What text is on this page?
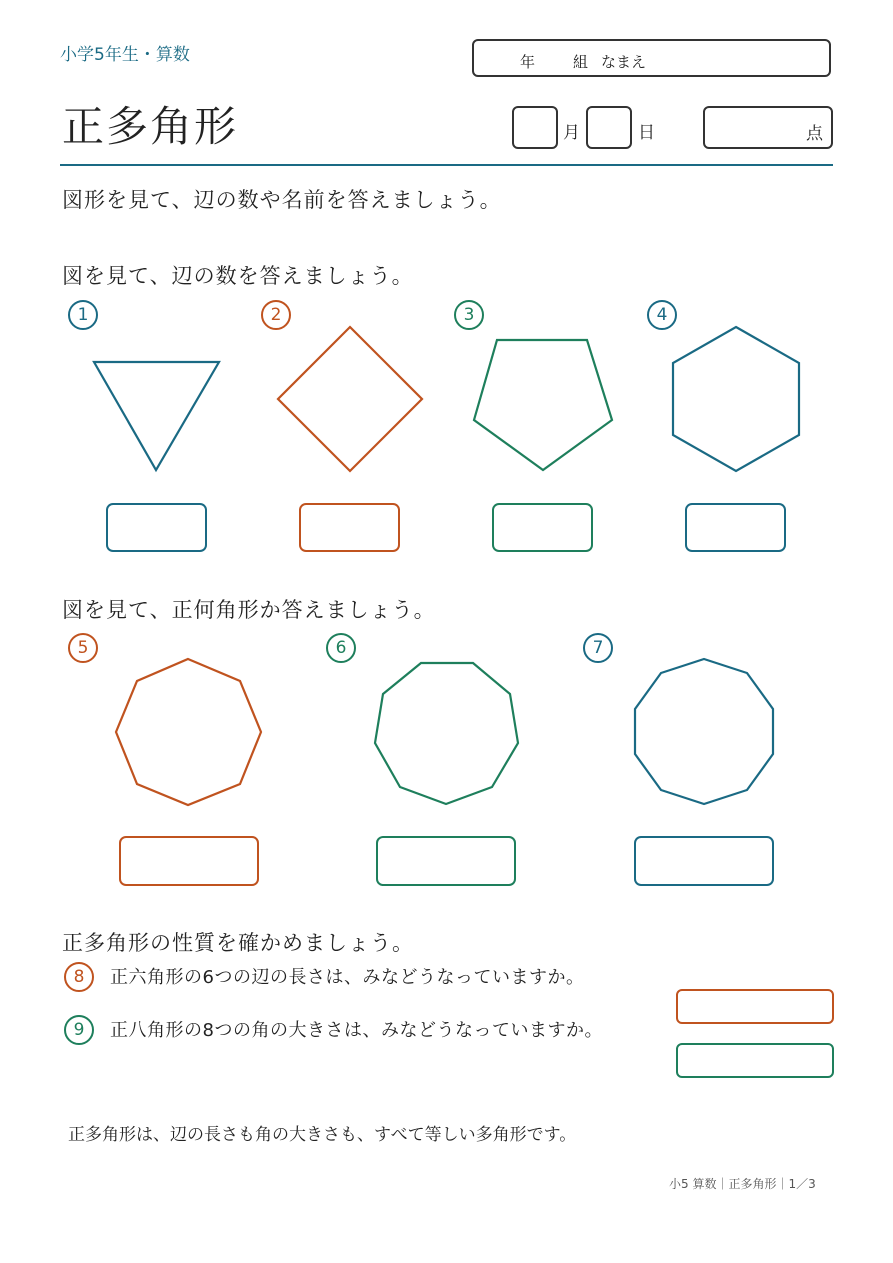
小学5年生・算数	年	組 なまえ
正多角形	月	日	点
図形を見て、辺の数や名前を答えましょう。
図を見て、辺の数を答えましょう。
1	2	3	4
図を見て、正何角形か答えましょう。
5	6	7
正多角形の性質を確かめましょう。
8	正六角形の6つの辺の長さは、みなどうなっていますか。
9	正八角形の8つの角の大きさは、みなどうなっていますか。
正多角形は、辺の長さも角の大きさも、すべて等しい多角形です。
小5 算数｜正多角形｜1／3
